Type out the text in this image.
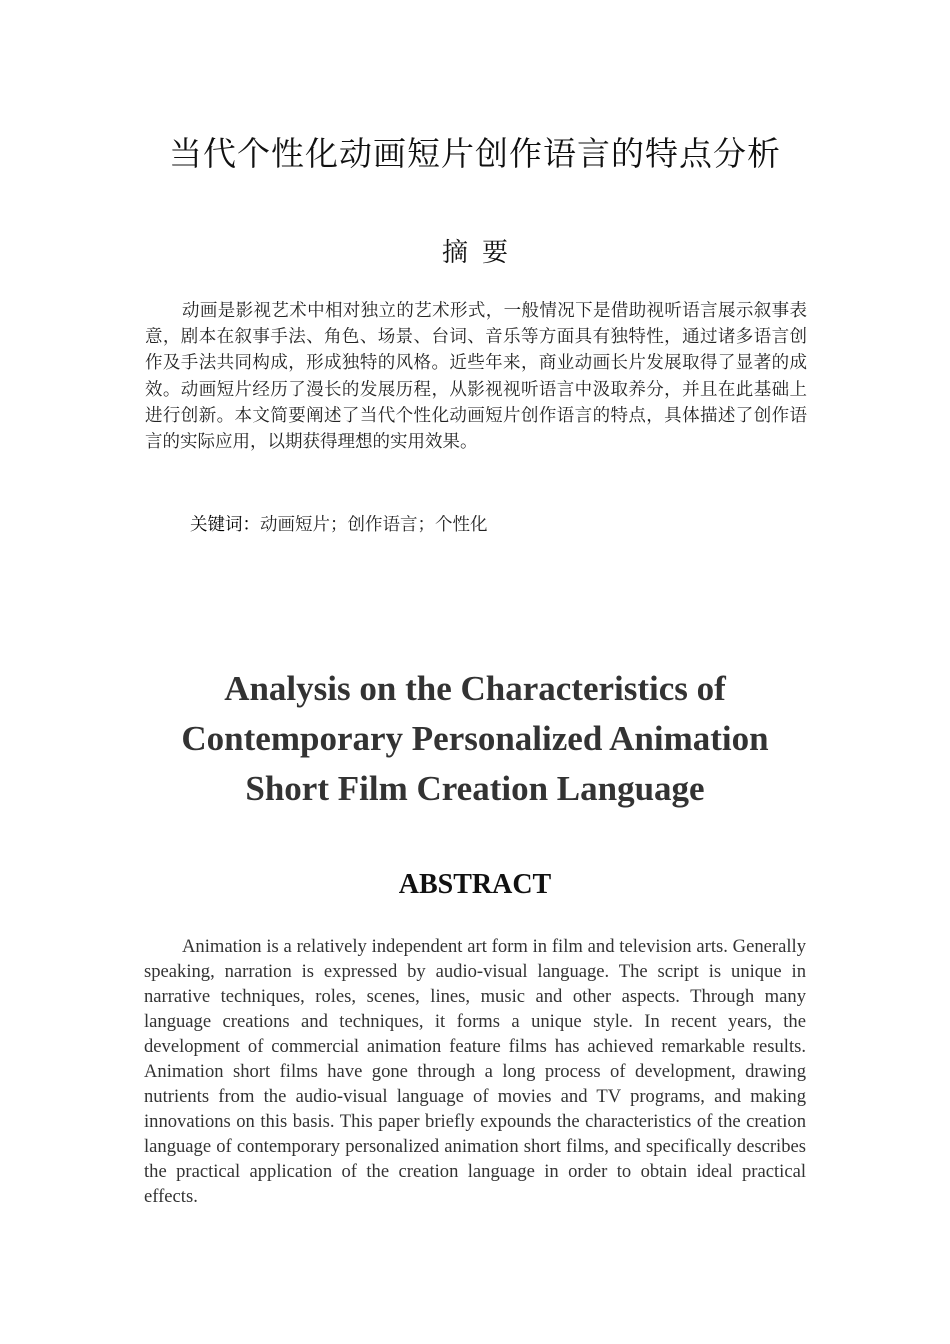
当代个性化动画短片创作语言的特点分析
摘要

动画是影视艺术中相对独立的艺术形式，一般情况下是借助视听语言展示叙事表意，剧本在叙事手法、角色、场景、台词、音乐等方面具有独特性，通过诸多语言创作及手法共同构成，形成独特的风格。近些年来，商业动画长片发展取得了显著的成效。动画短片经历了漫长的发展历程，从影视视听语言中汲取养分，并且在此基础上进行创新。本文简要阐述了当代个性化动画短片创作语言的特点，具体描述了创作语言的实际应用，以期获得理想的实用效果。

关键词：动画短片；创作语言；个性化

Analysis on the Characteristics of
Contemporary Personalized Animation
Short Film Creation Language
ABSTRACT

Animation is a relatively independent art form in film and television arts. Generally speaking, narration is expressed by audio-visual language. The script is unique in narrative techniques, roles, scenes, lines, music and other aspects. Through many language creations and techniques, it forms a unique style. In recent years, the development of commercial animation feature films has achieved remarkable results. Animation short films have gone through a long process of development, drawing nutrients from the audio-visual language of movies and TV programs, and making innovations on this basis. This paper briefly expounds the characteristics of the creation language of contemporary personalized animation short films, and specifically describes the practical application of the creation language in order to obtain ideal practical effects.
